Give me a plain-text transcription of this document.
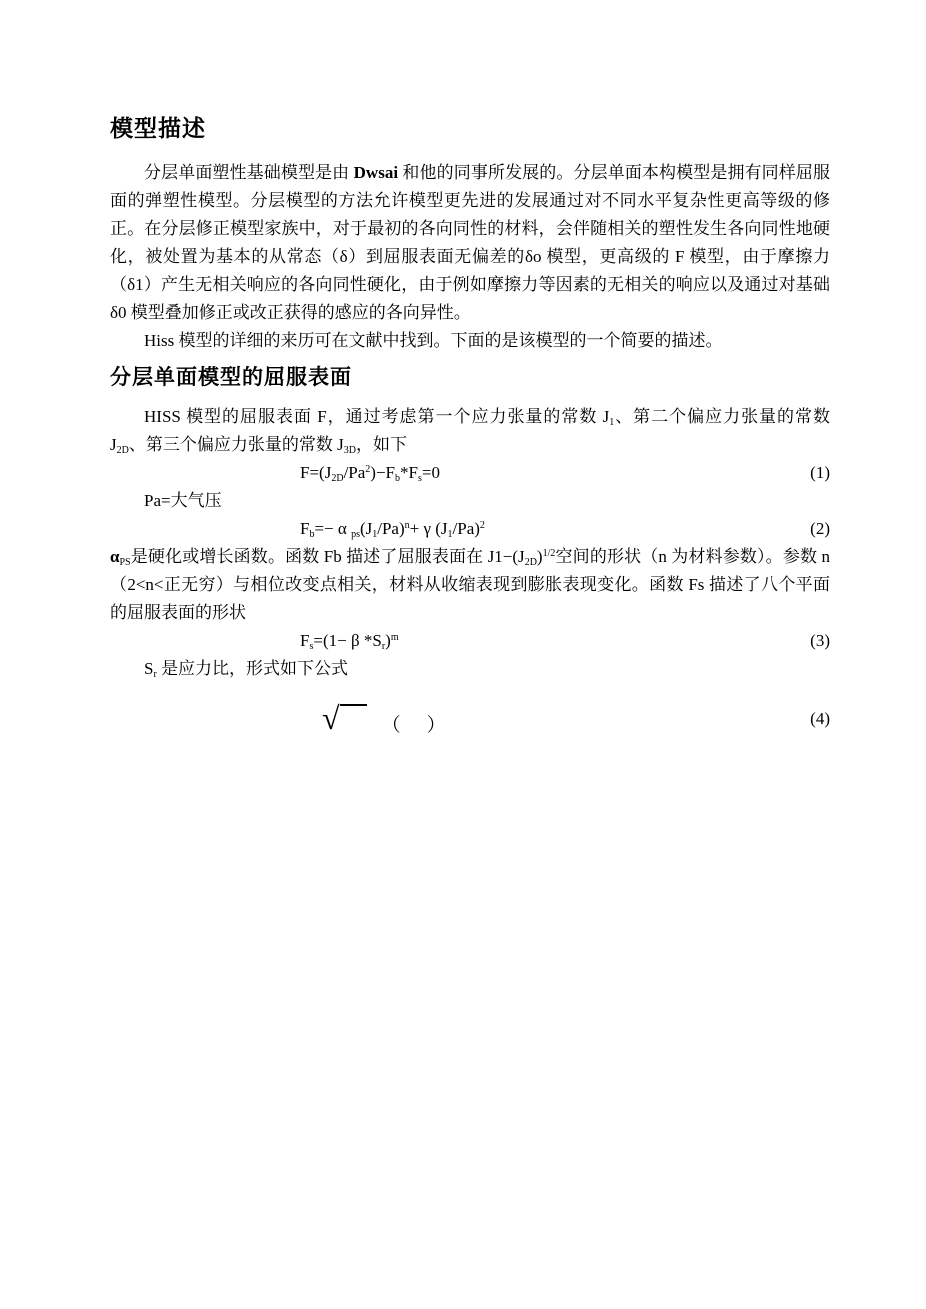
模型描述

分层单面塑性基础模型是由 Dwsai 和他的同事所发展的。分层单面本构模型是拥有同样屈服面的弹塑性模型。分层模型的方法允许模型更先进的发展通过对不同水平复杂性更高等级的修正。在分层修正模型家族中，对于最初的各向同性的材料，会伴随相关的塑性发生各向同性地硬化，被处置为基本的从常态（δ）到屈服表面无偏差的δo 模型，更高级的 F 模型，由于摩擦力（δ1）产生无相关响应的各向同性硬化，由于例如摩擦力等因素的无相关的响应以及通过对基础δ0 模型叠加修正或改正获得的感应的各向异性。

Hiss 模型的详细的来历可在文献中找到。下面的是该模型的一个简要的描述。

分层单面模型的屈服表面

HISS 模型的屈服表面 F，通过考虑第一个应力张量的常数 $J_1$、第二个偏应力张量的常数 $J_{2D}$、第三个偏应力张量的常数 $J_{3D}$，如下

$F=(J_{2D}/Pa^2)-F_b*F_s=0$	(1)

Pa=大气压

$F_b=- \alpha$ $_{ps}(J_1/Pa)^n+ \gamma$ $(J_1/Pa)^2$	(2)

$\alpha_{PS}$是硬化或增长函数。函数 Fb 描述了屈服表面在 $J1-(J_{2D})^{1/2}$空间的形状（n 为材料参数）。参数 n（2<n<正无穷）与相位改变点相关，材料从收缩表现到膨胀表现变化。函数 Fs 描述了八个平面的屈服表面的形状

$F_s=(1- \beta$ $*S_r)^m$	(3)

$S_r$ 是应力比，形式如下公式

√ （ ）	(4)
